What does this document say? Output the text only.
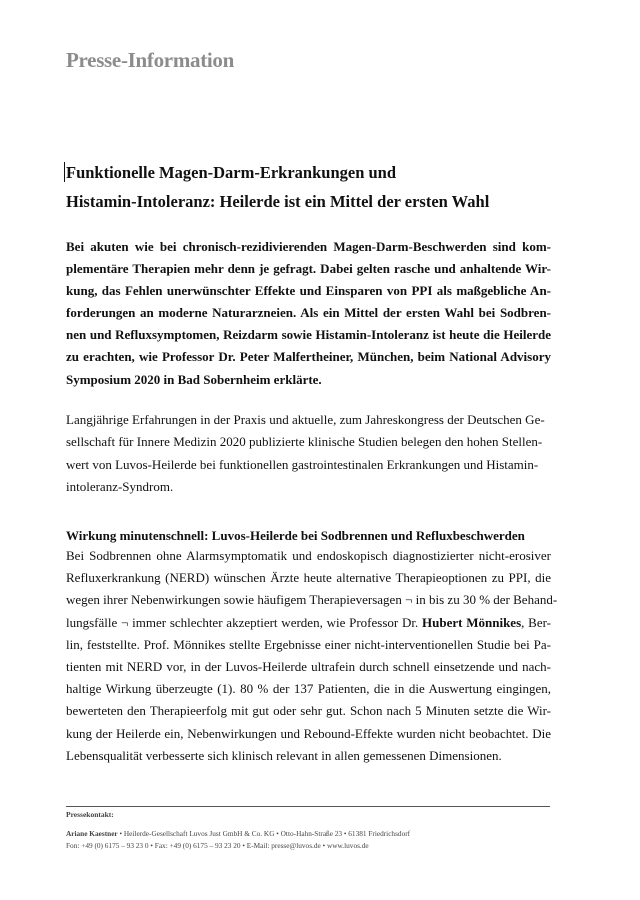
Presse-Information
Funktionelle Magen-Darm-Erkrankungen und
Histamin-Intoleranz: Heilerde ist ein Mittel der ersten Wahl

Bei akuten wie bei chronisch-rezidivierenden Magen-Darm-Beschwerden sind kom-
plementäre Therapien mehr denn je gefragt. Dabei gelten rasche und anhaltende Wir-
kung, das Fehlen unerwünschter Effekte und Einsparen von PPI als maßgebliche An-
forderungen an moderne Naturarzneien. Als ein Mittel der ersten Wahl bei Sodbren-
nen und Refluxsymptomen, Reizdarm sowie Histamin-Intoleranz ist heute die Heilerde
zu erachten, wie Professor Dr. Peter Malfertheiner, München, beim National Advisory
Symposium 2020 in Bad Sobernheim erklärte.

Langjährige Erfahrungen in der Praxis und aktuelle, zum Jahreskongress der Deutschen Ge-
sellschaft für Innere Medizin 2020 publizierte klinische Studien belegen den hohen Stellen-
wert von Luvos-Heilerde bei funktionellen gastrointestinalen Erkrankungen und Histamin-
intoleranz-Syndrom.

Wirkung minutenschnell: Luvos-Heilerde bei Sodbrennen und Refluxbeschwerden

Bei Sodbrennen ohne Alarmsymptomatik und endoskopisch diagnostizierter nicht-erosiver
Refluxerkrankung (NERD) wünschen Ärzte heute alternative Therapieoptionen zu PPI, die
wegen ihrer Nebenwirkungen sowie häufigem Therapieversagen ¬ in bis zu 30 % der Behand-
lungsfälle ¬ immer schlechter akzeptiert werden, wie Professor Dr. Hubert Mönnikes, Ber-
lin, feststellte. Prof. Mönnikes stellte Ergebnisse einer nicht-interventionellen Studie bei Pa-
tienten mit NERD vor, in der Luvos-Heilerde ultrafein durch schnell einsetzende und nach-
haltige Wirkung überzeugte (1). 80 % der 137 Patienten, die in die Auswertung eingingen,
bewerteten den Therapieerfolg mit gut oder sehr gut. Schon nach 5 Minuten setzte die Wir-
kung der Heilerde ein, Nebenwirkungen und Rebound-Effekte wurden nicht beobachtet. Die
Lebensqualität verbesserte sich klinisch relevant in allen gemessenen Dimensionen.

Pressekontakt:
Ariane Kaestner • Heilerde-Gesellschaft Luvos Just GmbH & Co. KG • Otto-Hahn-Straße 23 • 61381 Friedrichsdorf
Fon: +49 (0) 6175 – 93 23 0 • Fax: +49 (0) 6175 – 93 23 20 • E-Mail: presse@luvos.de • www.luvos.de
